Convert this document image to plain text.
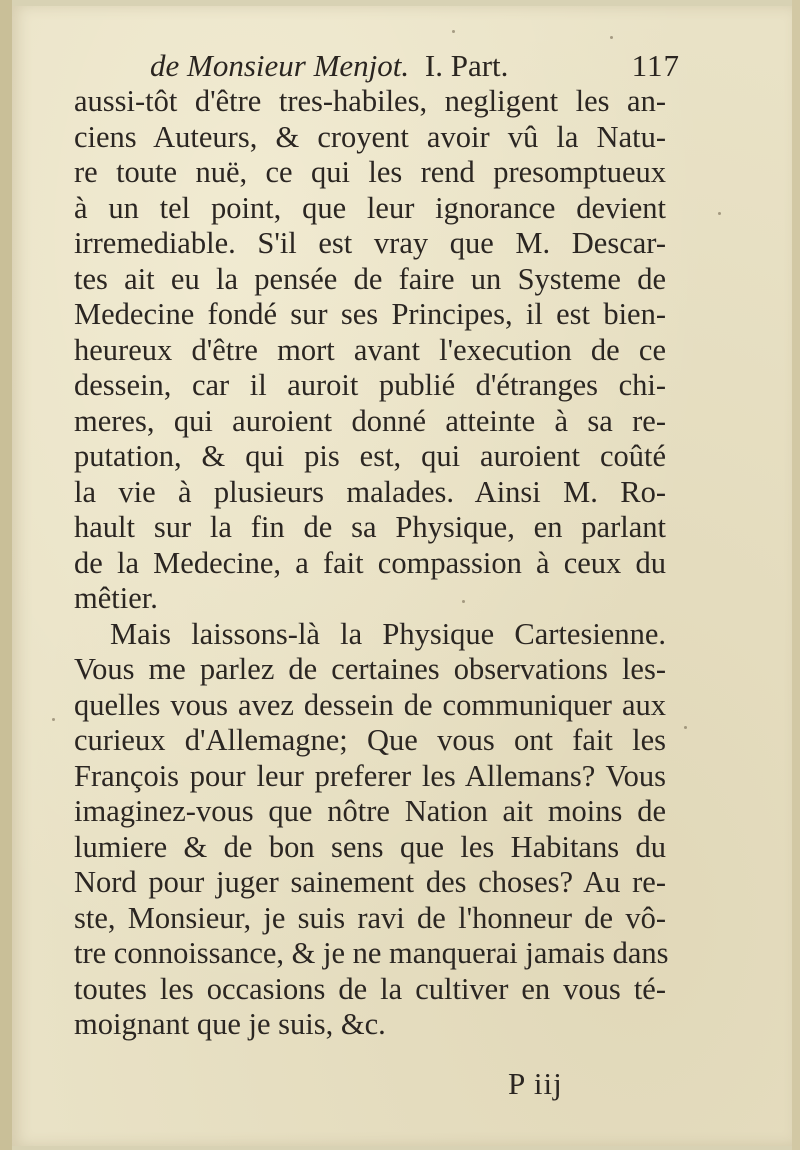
de Monsieur Menjot. I. Part.	117
aussi-tôt d'être tres-habiles, negligent les an-
ciens Auteurs, & croyent avoir vû la Natu-
re toute nuë, ce qui les rend presomptueux
à un tel point, que leur ignorance devient
irremediable. S'il est vray que M. Descar-
tes ait eu la pensée de faire un Systeme de
Medecine fondé sur ses Principes, il est bien-
heureux d'être mort avant l'execution de ce
dessein, car il auroit publié d'étranges chi-
meres, qui auroient donné atteinte à sa re-
putation, & qui pis est, qui auroient coûté
la vie à plusieurs malades. Ainsi M. Ro-
hault sur la fin de sa Physique, en parlant
de la Medecine, a fait compassion à ceux du
mêtier.
Mais laissons-là la Physique Cartesienne.
Vous me parlez de certaines observations les-
quelles vous avez dessein de communiquer aux
curieux d'Allemagne; Que vous ont fait les
François pour leur preferer les Allemans? Vous
imaginez-vous que nôtre Nation ait moins de
lumiere & de bon sens que les Habitans du
Nord pour juger sainement des choses? Au re-
ste, Monsieur, je suis ravi de l'honneur de vô-
tre connoissance, & je ne manquerai jamais dans
toutes les occasions de la cultiver en vous té-
moignant que je suis, &c.
P iij
